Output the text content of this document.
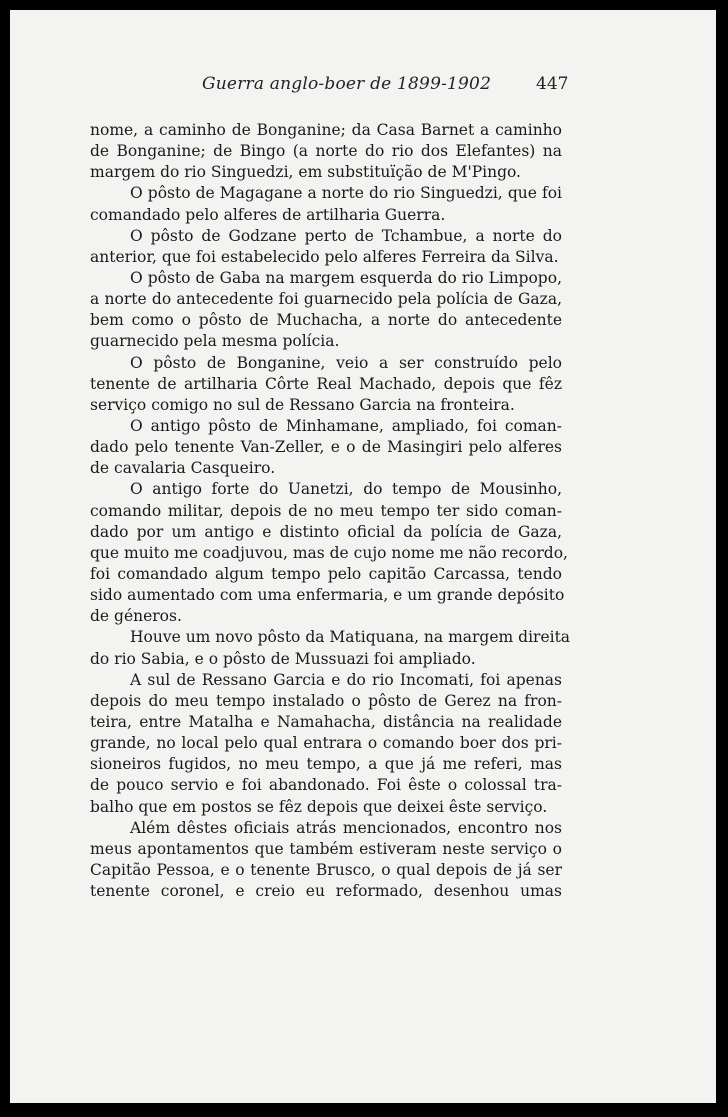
Guerra anglo-boer de 1899-1902	447
nome, a caminho de Bonganine; da Casa Barnet a caminho
de Bonganine; de Bingo (a norte do rio dos Elefantes) na
margem do rio Singuedzi, em substituïção de M'Pingo.
O pôsto de Magagane a norte do rio Singuedzi, que foi
comandado pelo alferes de artilharia Guerra.
O pôsto de Godzane perto de Tchambue, a norte do
anterior, que foi estabelecido pelo alferes Ferreira da Silva.
O pôsto de Gaba na margem esquerda do rio Limpopo,
a norte do antecedente foi guarnecido pela polícia de Gaza,
bem como o pôsto de Muchacha, a norte do antecedente
guarnecido pela mesma polícia.
O pôsto de Bonganine, veio a ser construído pelo
tenente de artilharia Côrte Real Machado, depois que fêz
serviço comigo no sul de Ressano Garcia na fronteira.
O antigo pôsto de Minhamane, ampliado, foi coman-
dado pelo tenente Van-Zeller, e o de Masingiri pelo alferes
de cavalaria Casqueiro.
O antigo forte do Uanetzi, do tempo de Mousinho,
comando militar, depois de no meu tempo ter sido coman-
dado por um antigo e distinto oficial da polícia de Gaza,
que muito me coadjuvou, mas de cujo nome me não recordo,
foi comandado algum tempo pelo capitão Carcassa, tendo
sido aumentado com uma enfermaria, e um grande depósito
de géneros.
Houve um novo pôsto da Matiquana, na margem direita
do rio Sabia, e o pôsto de Mussuazi foi ampliado.
A sul de Ressano Garcia e do rio Incomati, foi apenas
depois do meu tempo instalado o pôsto de Gerez na fron-
teira, entre Matalha e Namahacha, distância na realidade
grande, no local pelo qual entrara o comando boer dos pri-
sioneiros fugidos, no meu tempo, a que já me referi, mas
de pouco servio e foi abandonado. Foi êste o colossal tra-
balho que em postos se fêz depois que deixei êste serviço.
Além dêstes oficiais atrás mencionados, encontro nos
meus apontamentos que também estiveram neste serviço o
Capitão Pessoa, e o tenente Brusco, o qual depois de já ser
tenente coronel, e creio eu reformado, desenhou umas
